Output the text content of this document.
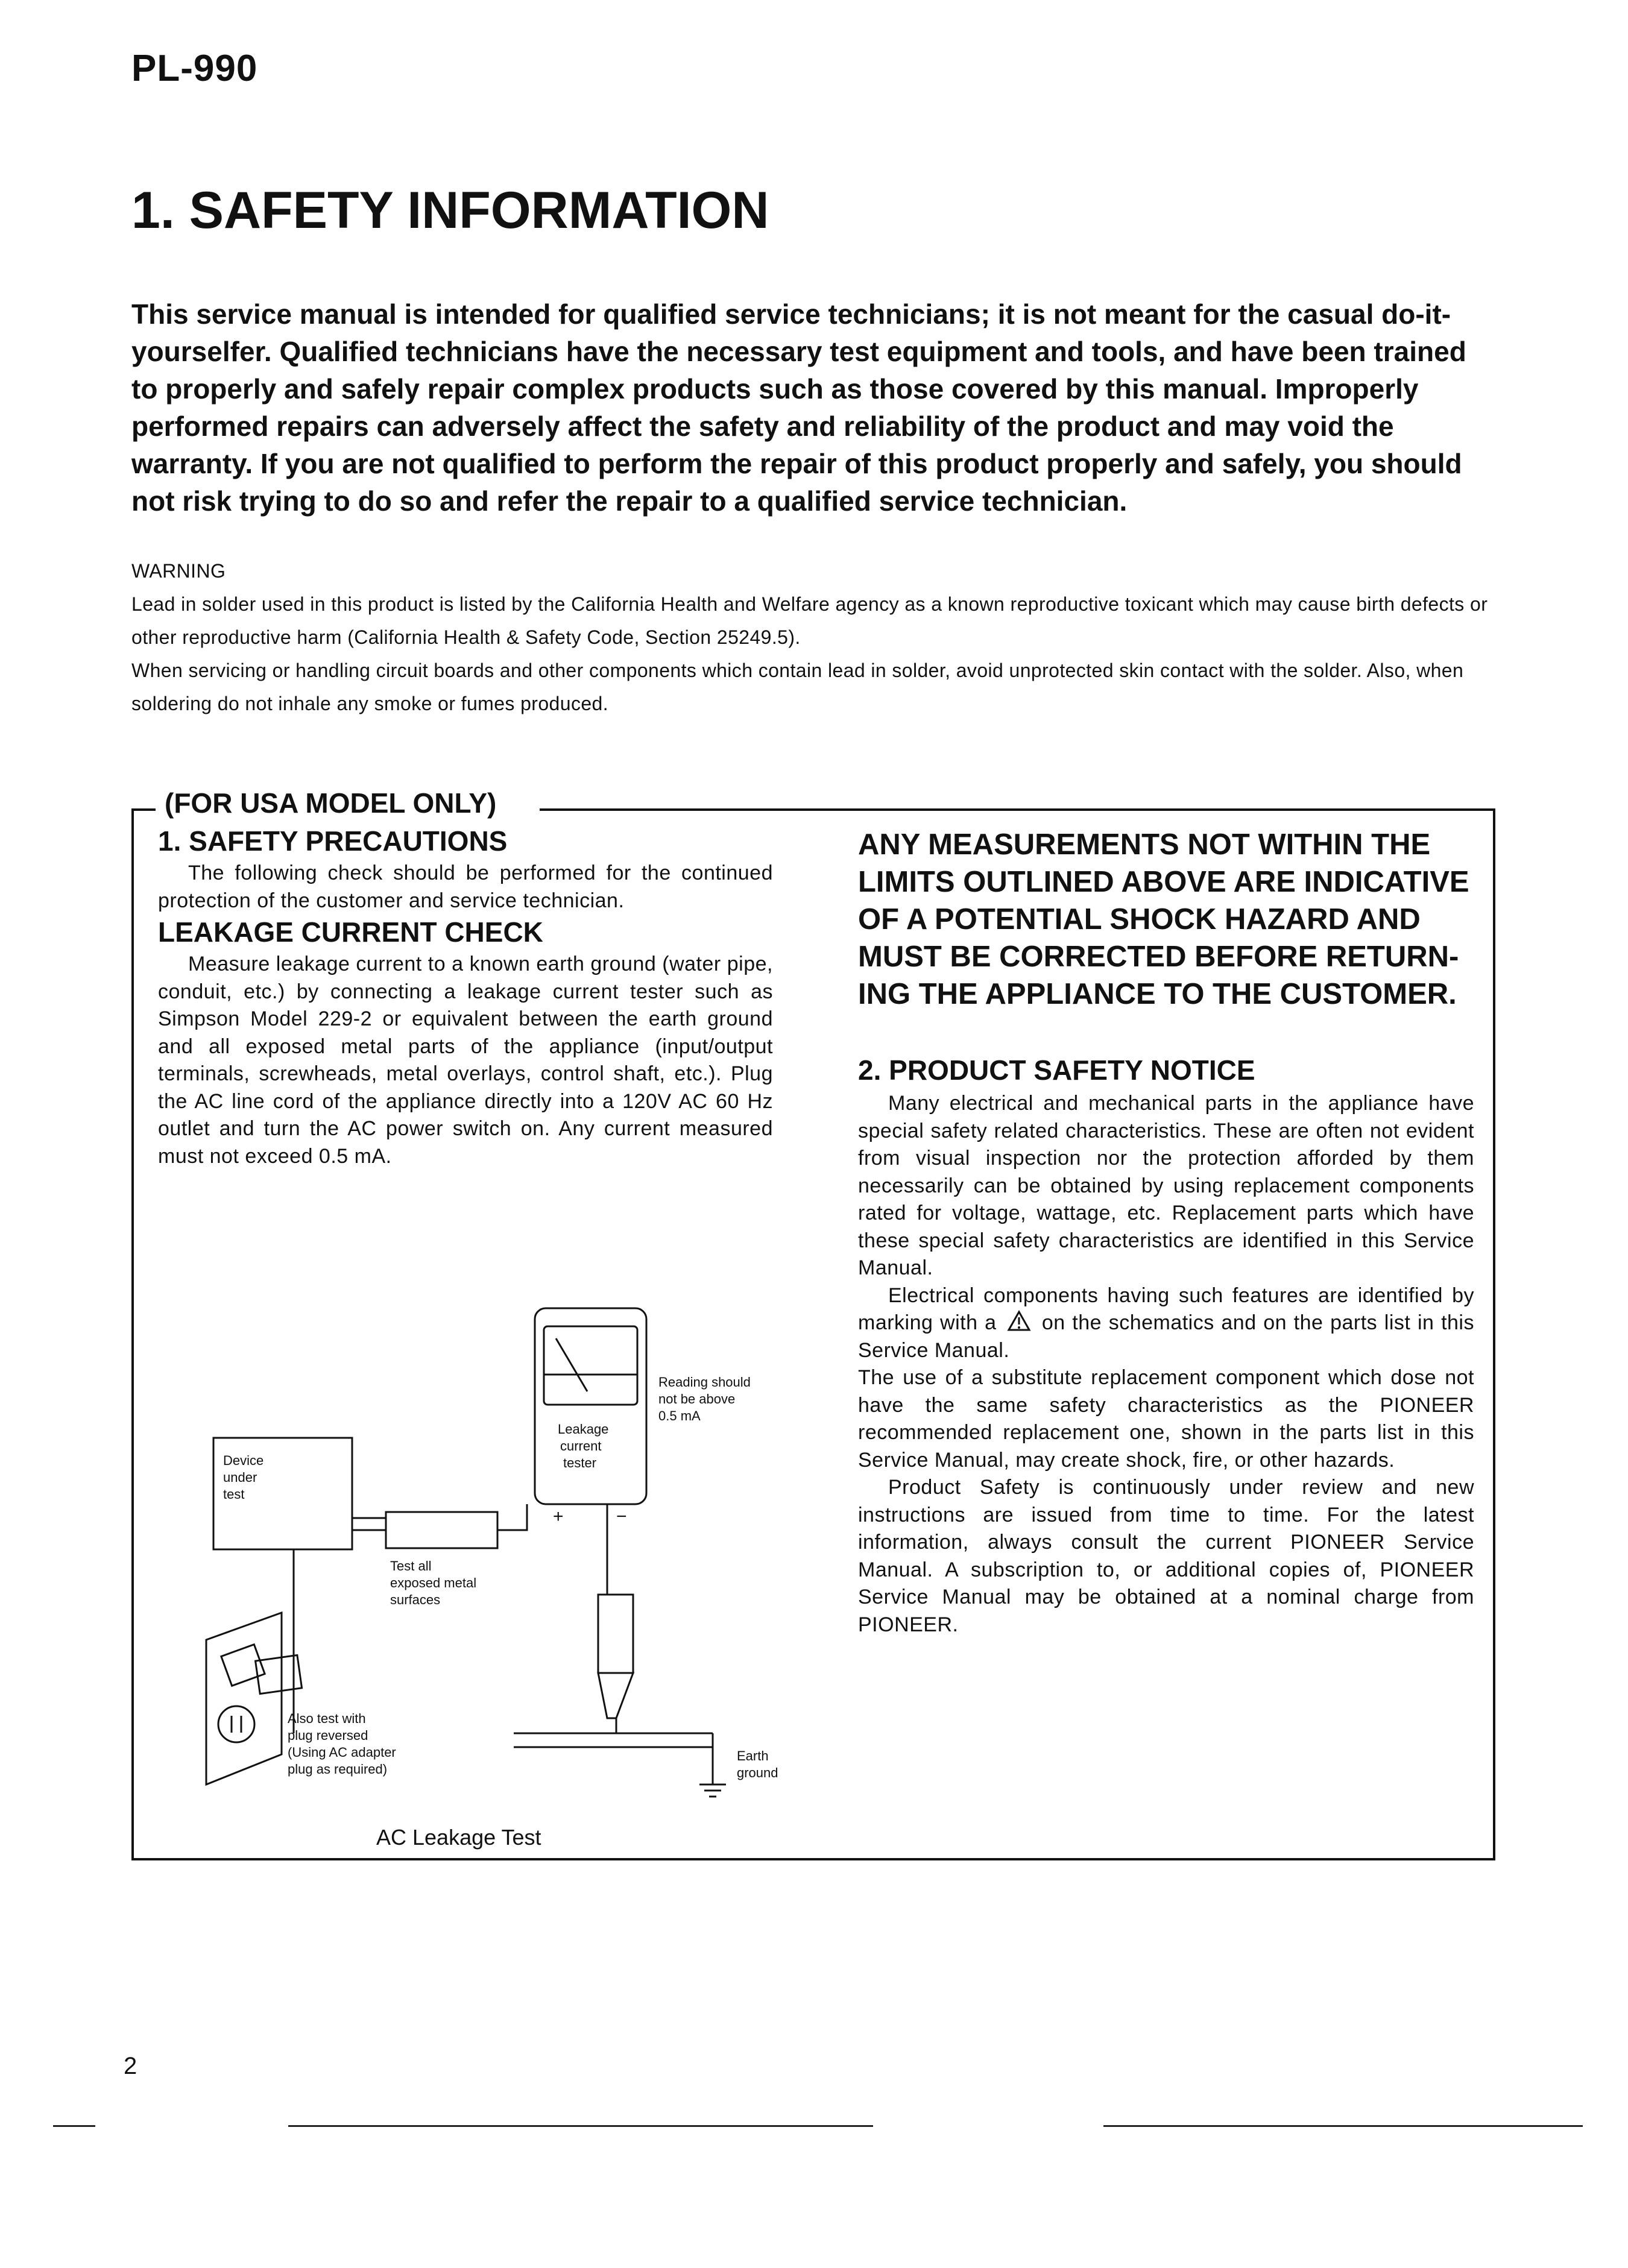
PL-990
1. SAFETY INFORMATION

This service manual is intended for qualified service technicians; it is not meant for the casual do-it-yourselfer. Qualified technicians have the necessary test equipment and tools, and have been trained to properly and safely repair complex products such as those covered by this manual. Improperly performed repairs can adversely affect the safety and reliability of the product and may void the warranty. If you are not qualified to perform the repair of this product properly and safely, you should not risk trying to do so and refer the repair to a qualified service technician.

WARNING
Lead in solder used in this product is listed by the California Health and Welfare agency as a known reproductive toxicant which may cause birth defects or other reproductive harm (California Health & Safety Code, Section 25249.5).
When servicing or handling circuit boards and other components which contain lead in solder, avoid unprotected skin contact with the solder. Also, when soldering do not inhale any smoke or fumes produced.
(FOR USA MODEL ONLY)
1. SAFETY PRECAUTIONS

The following check should be performed for the continued protection of the customer and service technician.

LEAKAGE CURRENT CHECK

Measure leakage current to a known earth ground (water pipe, conduit, etc.) by connecting a leakage current tester such as Simpson Model 229-2 or equivalent between the earth ground and all exposed metal parts of the appliance (input/output terminals, screwheads, metal overlays, control shaft, etc.). Plug the AC line cord of the appliance directly into a 120V AC 60 Hz outlet and turn the AC power switch on. Any current measured must not exceed 0.5 mA.

ANY MEASUREMENTS NOT WITHIN THE LIMITS OUTLINED ABOVE ARE INDICATIVE OF A POTENTIAL SHOCK HAZARD AND MUST BE CORRECTED BEFORE RETURN-ING THE APPLIANCE TO THE CUSTOMER.

2. PRODUCT SAFETY NOTICE

Many electrical and mechanical parts in the appliance have special safety related characteristics. These are often not evident from visual inspection nor the protection afforded by them necessarily can be obtained by using replacement components rated for voltage, wattage, etc. Replacement parts which have these special safety characteristics are identified in this Service Manual.

Electrical components having such features are identified by marking with a on the schematics and on the parts list in this Service Manual.

The use of a substitute replacement component which dose not have the same safety characteristics as the PIONEER recommended replacement one, shown in the parts list in this Service Manual, may create shock, fire, or other hazards.

Product Safety is continuously under review and new instructions are issued from time to time. For the latest information, always consult the current PIONEER Service Manual. A subscription to, or additional copies of, PIONEER Service Manual may be obtained at a nominal charge from PIONEER.

Device
under
test
Leakage
current
tester
Reading should
not be above
0.5 mA
Test all
exposed metal
surfaces
Also test with
plug reversed
(Using AC adapter
plug as required)
Earth
ground
+	−
AC Leakage Test
2
